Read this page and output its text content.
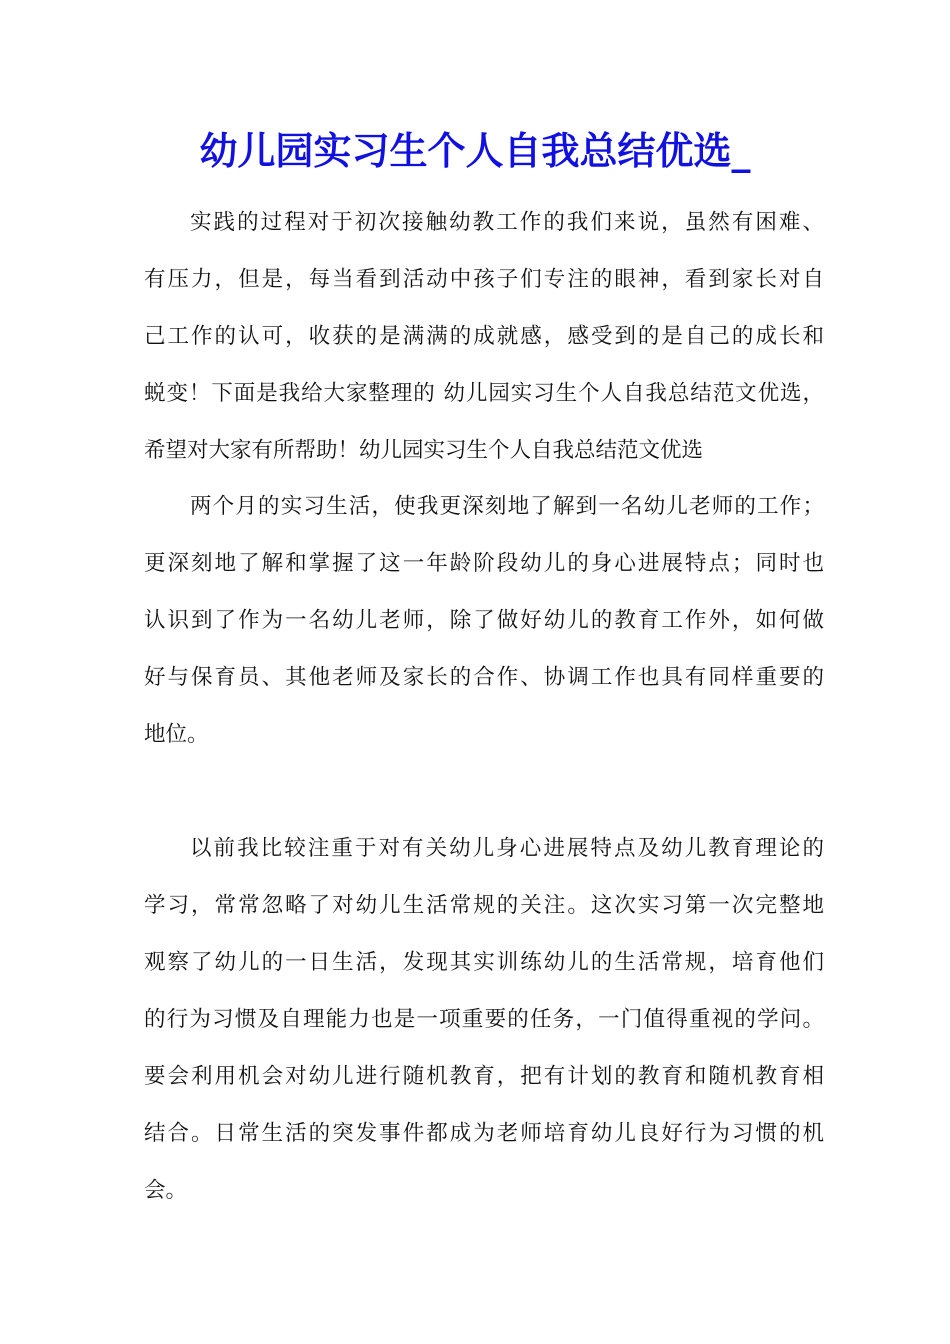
幼儿园实习生个人自我总结优选_
实践的过程对于初次接触幼教工作的我们来说，虽然有困难、
有压力，但是，每当看到活动中孩子们专注的眼神，看到家长对自
己工作的认可，收获的是满满的成就感，感受到的是自己的成长和
蜕变！下面是我给大家整理的 幼儿园实习生个人自我总结范文优选，
希望对大家有所帮助！幼儿园实习生个人自我总结范文优选
两个月的实习生活，使我更深刻地了解到一名幼儿老师的工作；
更深刻地了解和掌握了这一年龄阶段幼儿的身心进展特点；同时也
认识到了作为一名幼儿老师，除了做好幼儿的教育工作外，如何做
好与保育员、其他老师及家长的合作、协调工作也具有同样重要的
地位。
以前我比较注重于对有关幼儿身心进展特点及幼儿教育理论的
学习，常常忽略了对幼儿生活常规的关注。这次实习第一次完整地
观察了幼儿的一日生活，发现其实训练幼儿的生活常规，培育他们
的行为习惯及自理能力也是一项重要的任务，一门值得重视的学问。
要会利用机会对幼儿进行随机教育，把有计划的教育和随机教育相
结合。日常生活的突发事件都成为老师培育幼儿良好行为习惯的机
会。
